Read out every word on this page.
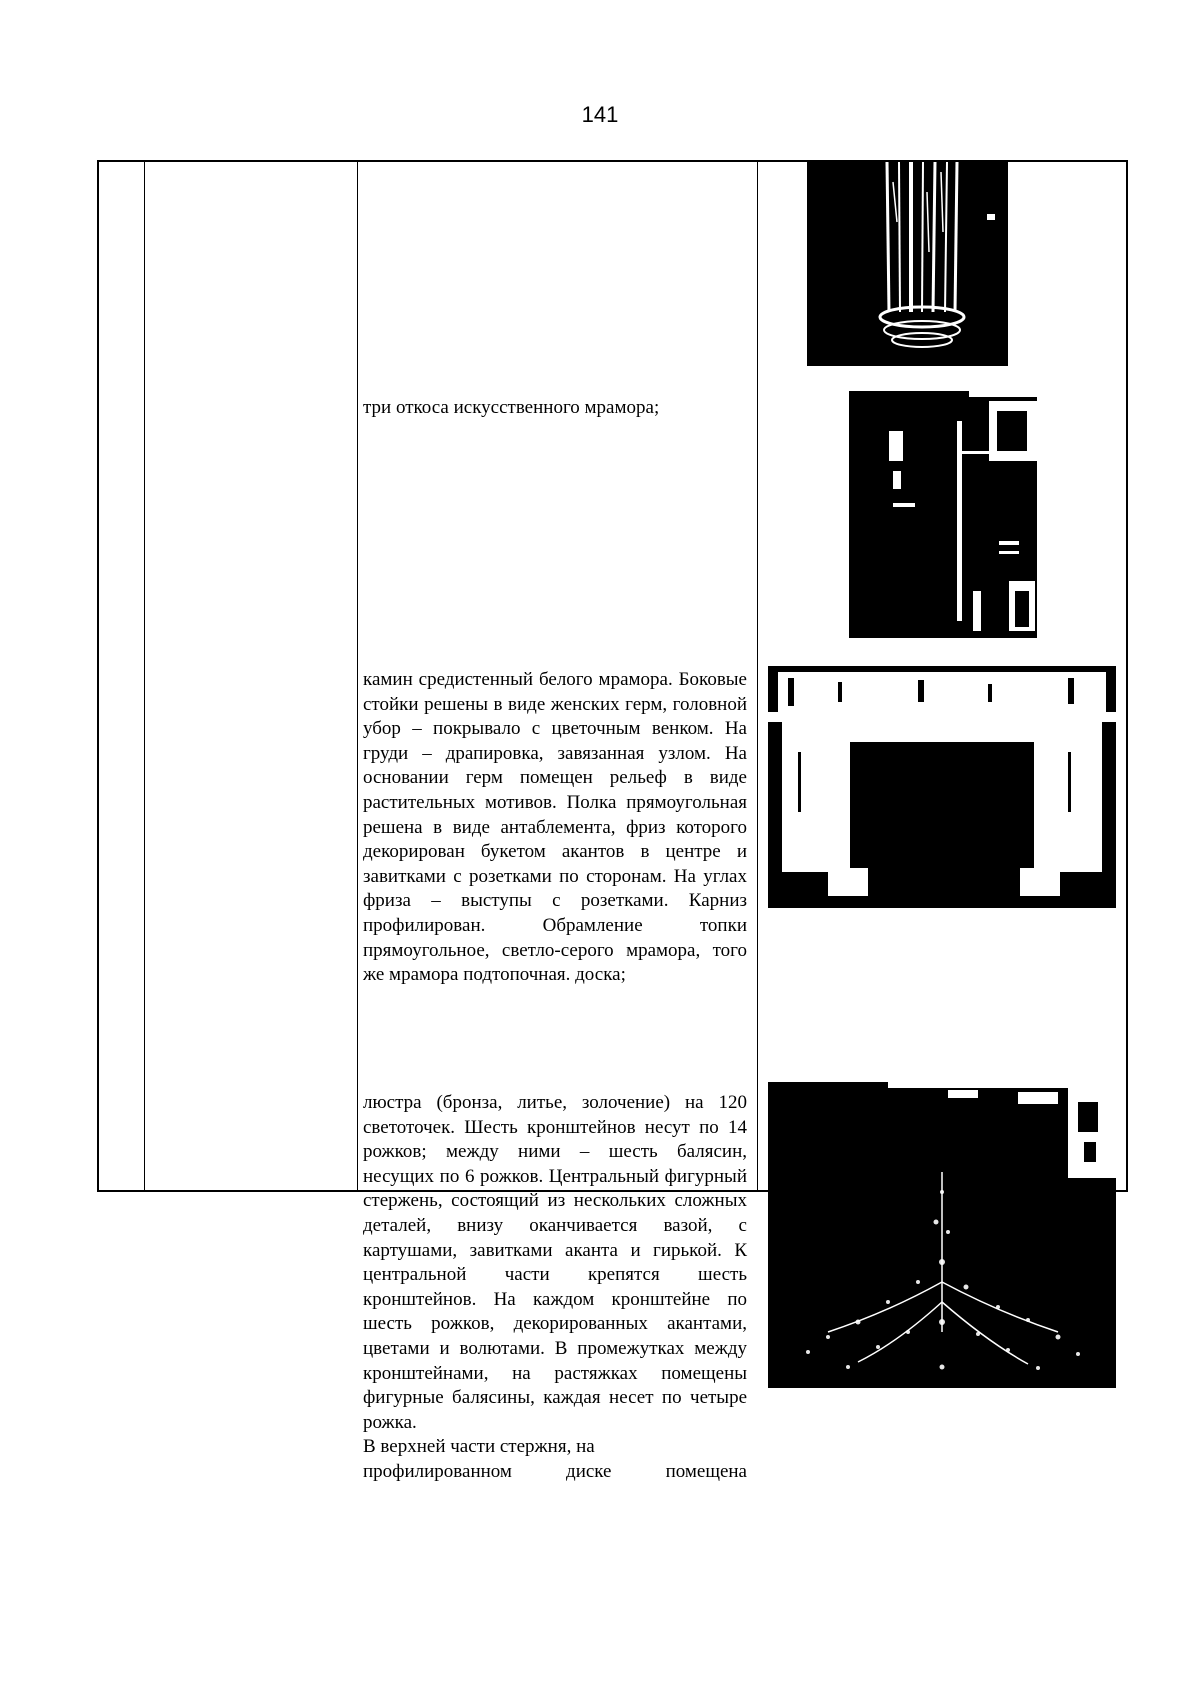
141

три откоса искусственного мрамора;

камин средистенный белого мрамора. Боковые стойки решены в виде женских герм, головной убор – покрывало с цветочным венком. На груди – драпировка, завязанная узлом. На основании герм помещен рельеф в виде растительных мотивов. Полка прямоугольная решена в виде антаблемента, фриз которого декорирован букетом акантов в центре и завитками с розетками по сторонам. На углах фриза – выступы с розетками. Карниз профилирован. Обрамление топки прямоугольное, светло-серого мрамора, того же мрамора подтопочная. доска;

люстра (бронза, литье, золочение) на 120 светоточек. Шесть кронштейнов несут по 14 рожков; между ними – шесть балясин, несущих по 6 рожков. Центральный фигурный стержень, состоящий из нескольких сложных деталей, внизу оканчивается вазой, с картушами, завитками аканта и гирькой. К центральной части крепятся шесть кронштейнов. На каждом кронштейне по шесть рожков, декорированных акантами, цветами и волютами. В промежутках между кронштейнами, на растяжках помещены фигурные балясины, каждая несет по четыре рожка.

В верхней части стержня, на профилированном диске помещена
